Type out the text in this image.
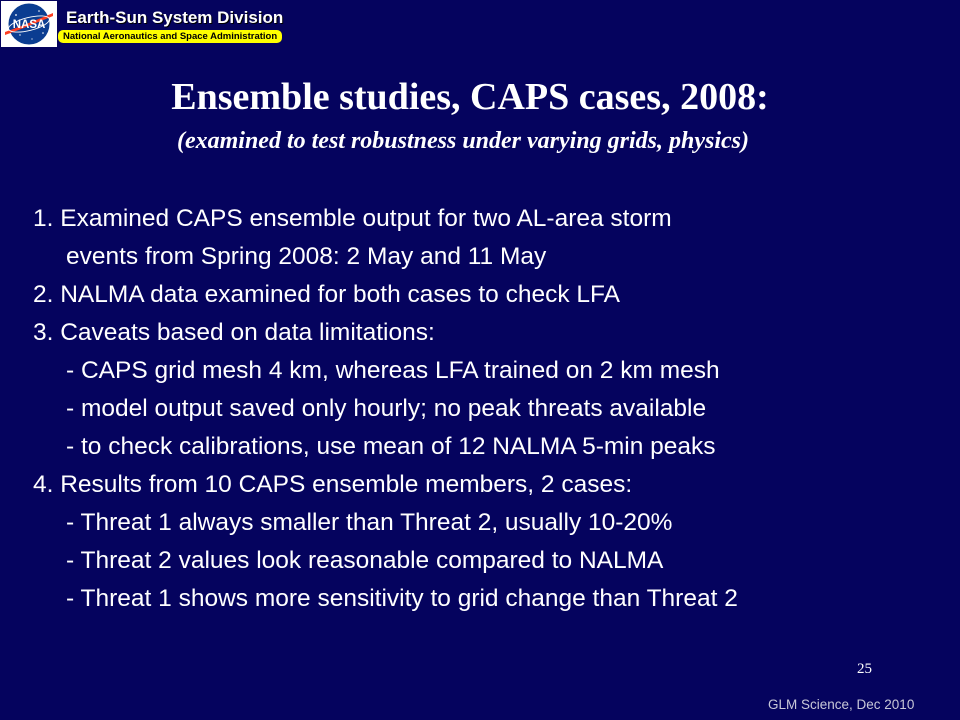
NASA Earth-Sun System Division
National Aeronautics and Space Administration
Ensemble studies, CAPS cases, 2008:
(examined to test robustness under varying grids, physics)
1. Examined CAPS ensemble output for two AL-area storm
events from Spring 2008: 2 May and 11 May
2. NALMA data examined for both cases to check LFA
3. Caveats based on data limitations:
- CAPS grid mesh 4 km, whereas LFA trained on 2 km mesh
- model output saved only hourly; no peak threats available
- to check calibrations, use mean of 12 NALMA 5-min peaks
4. Results from 10 CAPS ensemble members, 2 cases:
- Threat 1 always smaller than Threat 2, usually 10-20%
- Threat 2 values look reasonable compared to NALMA
- Threat 1 shows more sensitivity to grid change than Threat 2
25
GLM Science, Dec 2010
